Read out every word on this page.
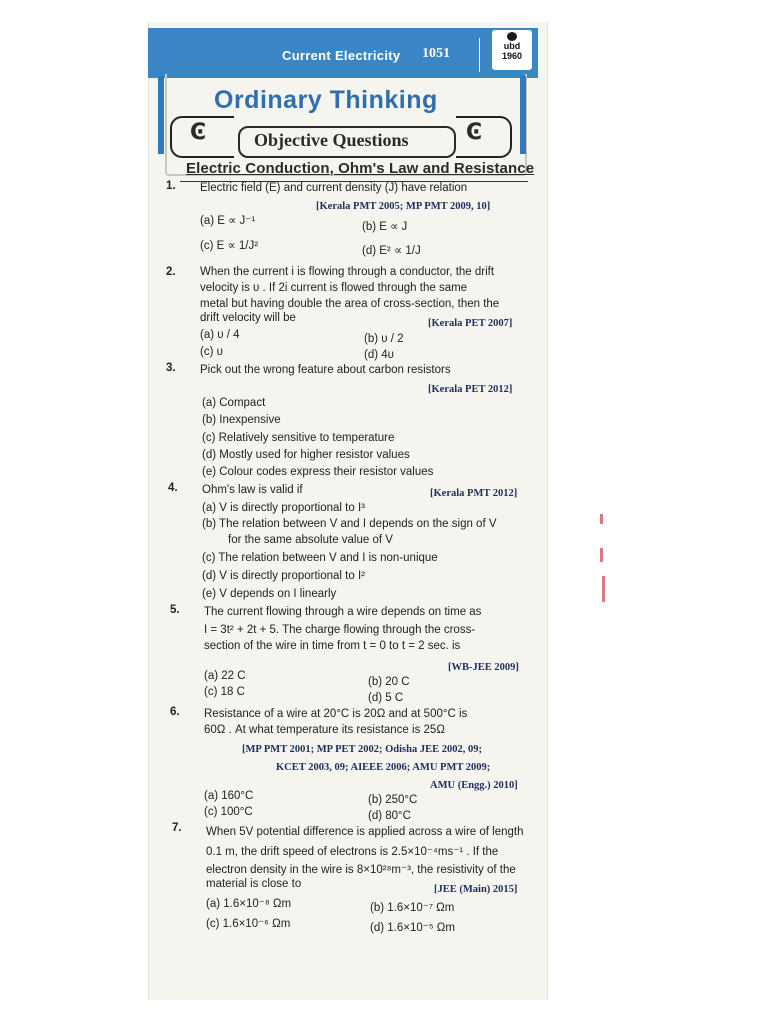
Current Electricity 1051	ubd
1960
Ordinary Thinking
Ͼ	Ͼ
Objective Questions
Electric Conduction, Ohm's Law and Resistance
1. Electric field (E) and current density (J) have relation
[Kerala PMT 2005; MP PMT 2009, 10]
(a) E ∝ J⁻¹	(b) E ∝ J
(c) E ∝ 1/J²	(d) E² ∝ 1/J
2. When the current i is flowing through a conductor, the drift
velocity is υ . If 2i current is flowed through the same
metal but having double the area of cross-section, then the
drift velocity will be	[Kerala PET 2007]
(a) υ / 4	(b) υ / 2
(c) υ	(d) 4υ
3. Pick out the wrong feature about carbon resistors
[Kerala PET 2012]
(a) Compact
(b) Inexpensive
(c) Relatively sensitive to temperature
(d) Mostly used for higher resistor values
(e) Colour codes express their resistor values
4. Ohm's law is valid if	[Kerala PMT 2012]
(a) V is directly proportional to I³
(b) The relation between V and I depends on the sign of V
for the same absolute value of V
(c) The relation between V and I is non-unique
(d) V is directly proportional to I²
(e) V depends on I linearly
5. The current flowing through a wire depends on time as
I = 3t² + 2t + 5. The charge flowing through the cross-
section of the wire in time from t = 0 to t = 2 sec. is
[WB-JEE 2009]
(a) 22 C	(b) 20 C
(c) 18 C	(d) 5 C
6. Resistance of a wire at 20°C is 20Ω and at 500°C is
60Ω . At what temperature its resistance is 25Ω
[MP PMT 2001; MP PET 2002; Odisha JEE 2002, 09;
KCET 2003, 09; AIEEE 2006; AMU PMT 2009;
AMU (Engg.) 2010]
(a) 160°C	(b) 250°C
(c) 100°C	(d) 80°C
7. When 5V potential difference is applied across a wire of length
0.1 m, the drift speed of electrons is 2.5×10⁻⁴ms⁻¹ . If the
electron density in the wire is 8×10²⁸m⁻³, the resistivity of the
material is close to	[JEE (Main) 2015]
(a) 1.6×10⁻⁸ Ωm	(b) 1.6×10⁻⁷ Ωm
(c) 1.6×10⁻⁶ Ωm	(d) 1.6×10⁻⁵ Ωm
